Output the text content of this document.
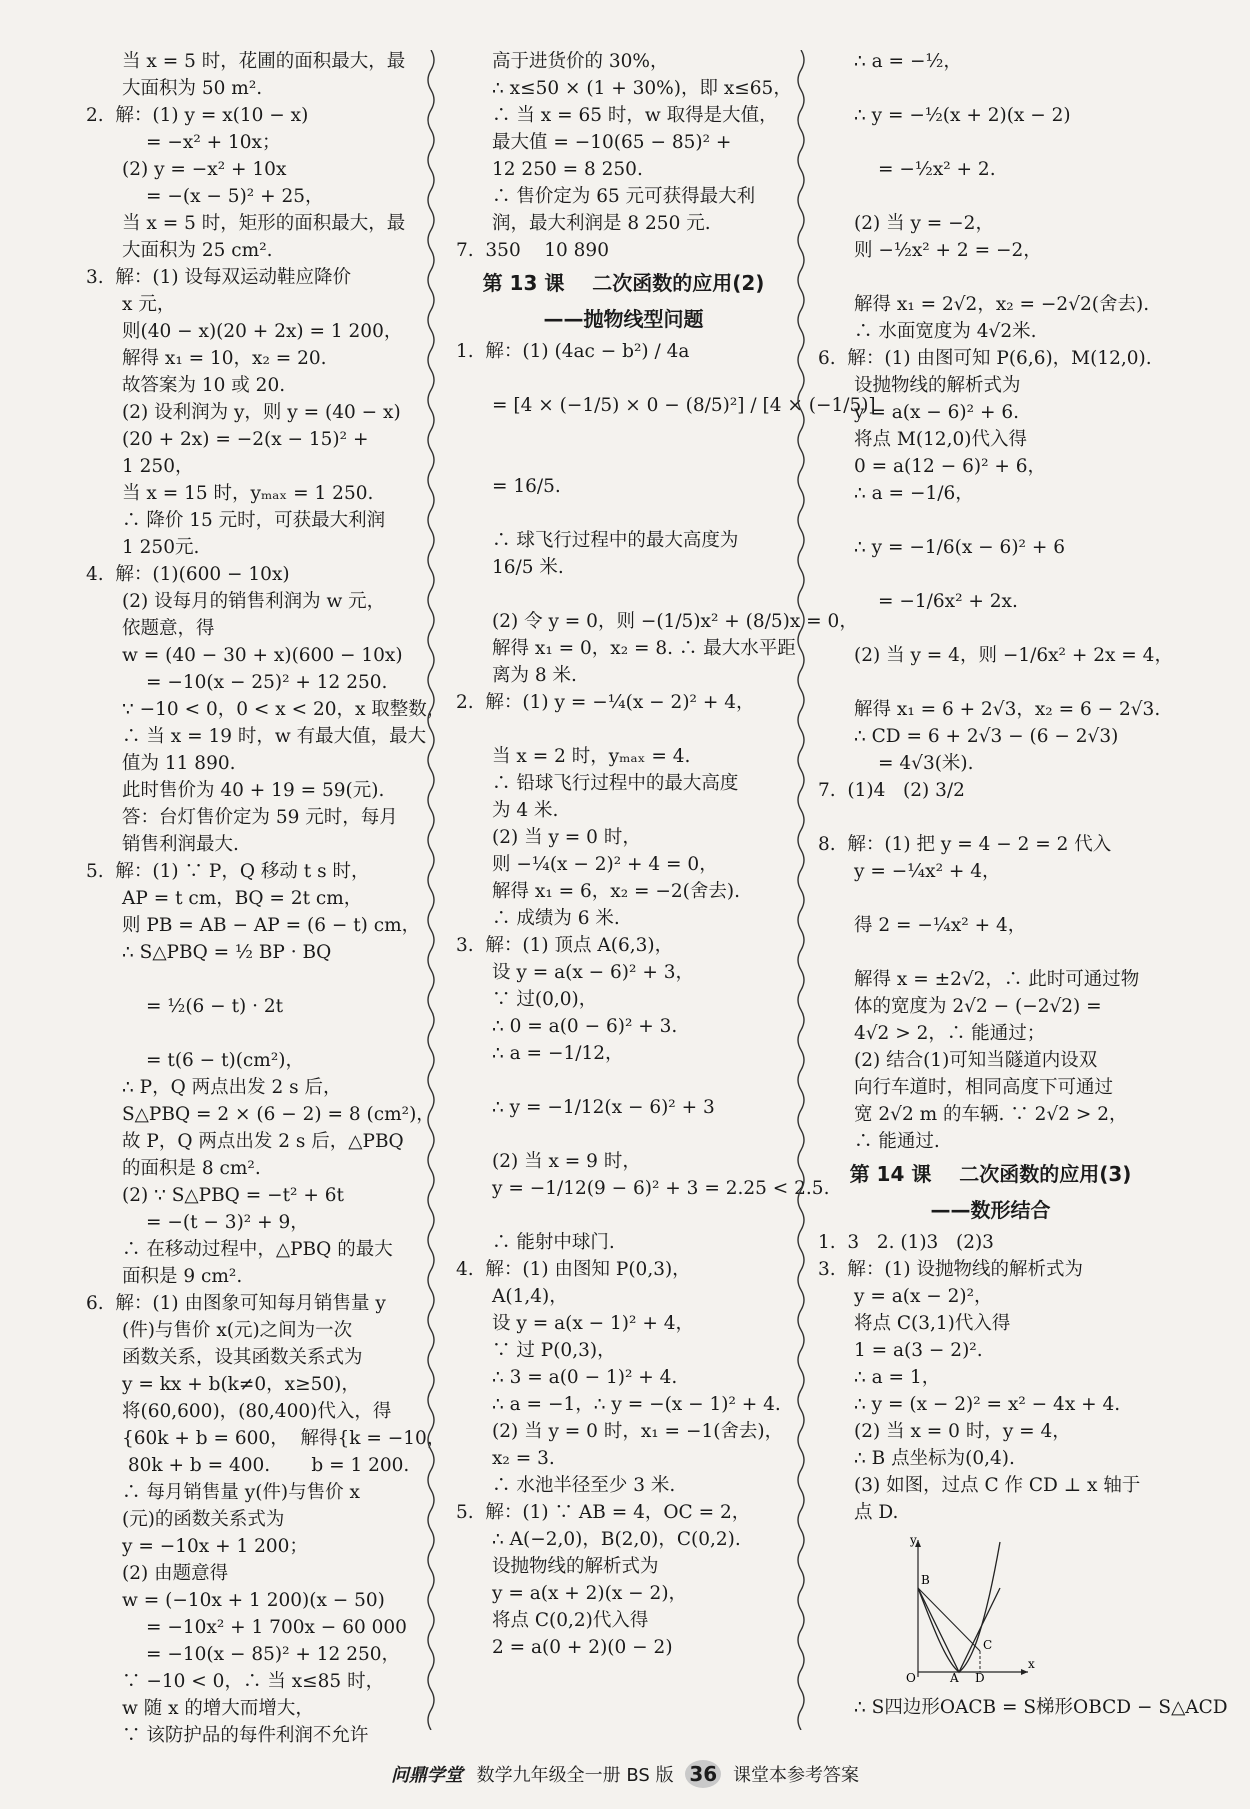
当 x = 5 时，花圃的面积最大，最
大面积为 50 m².
2.  解：(1) y = x(10 − x)
= −x² + 10x；
(2) y = −x² + 10x
= −(x − 5)² + 25，
当 x = 5 时，矩形的面积最大，最
大面积为 25 cm².
3.  解：(1) 设每双运动鞋应降价
x 元，
则(40 − x)(20 + 2x) = 1 200，
解得 x₁ = 10，x₂ = 20.
故答案为 10 或 20.
(2) 设利润为 y，则 y = (40 − x)
(20 + 2x) = −2(x − 15)² +
1 250，
当 x = 15 时，yₘₐₓ = 1 250.
∴ 降价 15 元时，可获最大利润
1 250元.
4.  解：(1)(600 − 10x)
(2) 设每月的销售利润为 w 元，
依题意，得
w = (40 − 30 + x)(600 − 10x)
= −10(x − 25)² + 12 250.
∵ −10 < 0，0 < x < 20，x 取整数，
∴ 当 x = 19 时，w 有最大值，最大
值为 11 890.
此时售价为 40 + 19 = 59(元).
答：台灯售价定为 59 元时，每月
销售利润最大.
5.  解：(1) ∵ P，Q 移动 t s 时，
AP = t cm，BQ = 2t cm，
则 PB = AB − AP = (6 − t) cm，
∴ S△PBQ = ½ BP · BQ
= ½(6 − t) · 2t
= t(6 − t)(cm²)，
∴ P，Q 两点出发 2 s 后，
S△PBQ = 2 × (6 − 2) = 8 (cm²)，
故 P，Q 两点出发 2 s 后，△PBQ
的面积是 8 cm².
(2) ∵ S△PBQ = −t² + 6t
= −(t − 3)² + 9，
∴ 在移动过程中，△PBQ 的最大
面积是 9 cm².
6.  解：(1) 由图象可知每月销售量 y
(件)与售价 x(元)之间为一次
函数关系，设其函数关系式为
y = kx + b(k≠0，x≥50)，
将(60,600)，(80,400)代入，得
{60k + b = 600，  解得{k = −10，
80k + b = 400.       b = 1 200.
∴ 每月销售量 y(件)与售价 x
(元)的函数关系式为
y = −10x + 1 200；
(2) 由题意得
w = (−10x + 1 200)(x − 50)
= −10x² + 1 700x − 60 000
= −10(x − 85)² + 12 250，
∵ −10 < 0，∴ 当 x≤85 时，
w 随 x 的增大而增大，
∵ 该防护品的每件利润不允许
高于进货价的 30%，
∴ x≤50 × (1 + 30%)，即 x≤65，
∴ 当 x = 65 时，w 取得是大值，
最大值 = −10(65 − 85)² +
12 250 = 8 250.
∴ 售价定为 65 元可获得最大利
润，最大利润是 8 250 元.
7.  350    10 890
第 13 课    二次函数的应用(2)
——抛物线型问题
1.  解：(1) (4ac − b²) / 4a
= [4 × (−1/5) × 0 − (8/5)²] / [4 × (−1/5)]
= 16/5.
∴ 球飞行过程中的最大高度为
16/5 米.
(2) 令 y = 0，则 −(1/5)x² + (8/5)x = 0，
解得 x₁ = 0，x₂ = 8. ∴ 最大水平距
离为 8 米.
2.  解：(1) y = −¼(x − 2)² + 4，
当 x = 2 时，yₘₐₓ = 4.
∴ 铅球飞行过程中的最大高度
为 4 米.
(2) 当 y = 0 时，
则 −¼(x − 2)² + 4 = 0，
解得 x₁ = 6，x₂ = −2(舍去).
∴ 成绩为 6 米.
3.  解：(1) 顶点 A(6,3)，
设 y = a(x − 6)² + 3，
∵ 过(0,0)，
∴ 0 = a(0 − 6)² + 3.
∴ a = −1/12，
∴ y = −1/12(x − 6)² + 3
(2) 当 x = 9 时，
y = −1/12(9 − 6)² + 3 = 2.25 < 2.5.
∴ 能射中球门.
4.  解：(1) 由图知 P(0,3)，
A(1,4)，
设 y = a(x − 1)² + 4，
∵ 过 P(0,3)，
∴ 3 = a(0 − 1)² + 4.
∴ a = −1，∴ y = −(x − 1)² + 4.
(2) 当 y = 0 时，x₁ = −1(舍去)，
x₂ = 3.
∴ 水池半径至少 3 米.
5.  解：(1) ∵ AB = 4，OC = 2，
∴ A(−2,0)，B(2,0)，C(0,2).
设抛物线的解析式为
y = a(x + 2)(x − 2)，
将点 C(0,2)代入得
2 = a(0 + 2)(0 − 2)
∴ a = −½，
∴ y = −½(x + 2)(x − 2)
= −½x² + 2.
(2) 当 y = −2，
则 −½x² + 2 = −2，
解得 x₁ = 2√2，x₂ = −2√2(舍去).
∴ 水面宽度为 4√2米.
6.  解：(1) 由图可知 P(6,6)，M(12,0).
设抛物线的解析式为
y = a(x − 6)² + 6.
将点 M(12,0)代入得
0 = a(12 − 6)² + 6，
∴ a = −1/6，
∴ y = −1/6(x − 6)² + 6
= −1/6x² + 2x.
(2) 当 y = 4，则 −1/6x² + 2x = 4，
解得 x₁ = 6 + 2√3，x₂ = 6 − 2√3.
∴ CD = 6 + 2√3 − (6 − 2√3)
= 4√3(米).
7.  (1)4   (2) 3/2
8.  解：(1) 把 y = 4 − 2 = 2 代入
y = −¼x² + 4，
得 2 = −¼x² + 4，
解得 x = ±2√2，∴ 此时可通过物
体的宽度为 2√2 − (−2√2) =
4√2 > 2，∴ 能通过；
(2) 结合(1)可知当隧道内设双
向行车道时，相同高度下可通过
宽 2√2 m 的车辆. ∵ 2√2 > 2，
∴ 能通过.
第 14 课    二次函数的应用(3)
——数形结合
1.  3   2. (1)3   (2)3
3.  解：(1) 设抛物线的解析式为
y = a(x − 2)²，
将点 C(3,1)代入得
1 = a(3 − 2)².
∴ a = 1，
∴ y = (x − 2)² = x² − 4x + 4.
(2) 当 x = 0 时，y = 4，
∴ B 点坐标为(0,4).
(3) 如图，过点 C 作 CD ⊥ x 轴于
点 D.
y
x
O	A
B
C
D
∴ S四边形OACB = S梯形OBCD − S△ACD
问鼎学堂 数学九年级全一册 BS 版 36 课堂本参考答案
